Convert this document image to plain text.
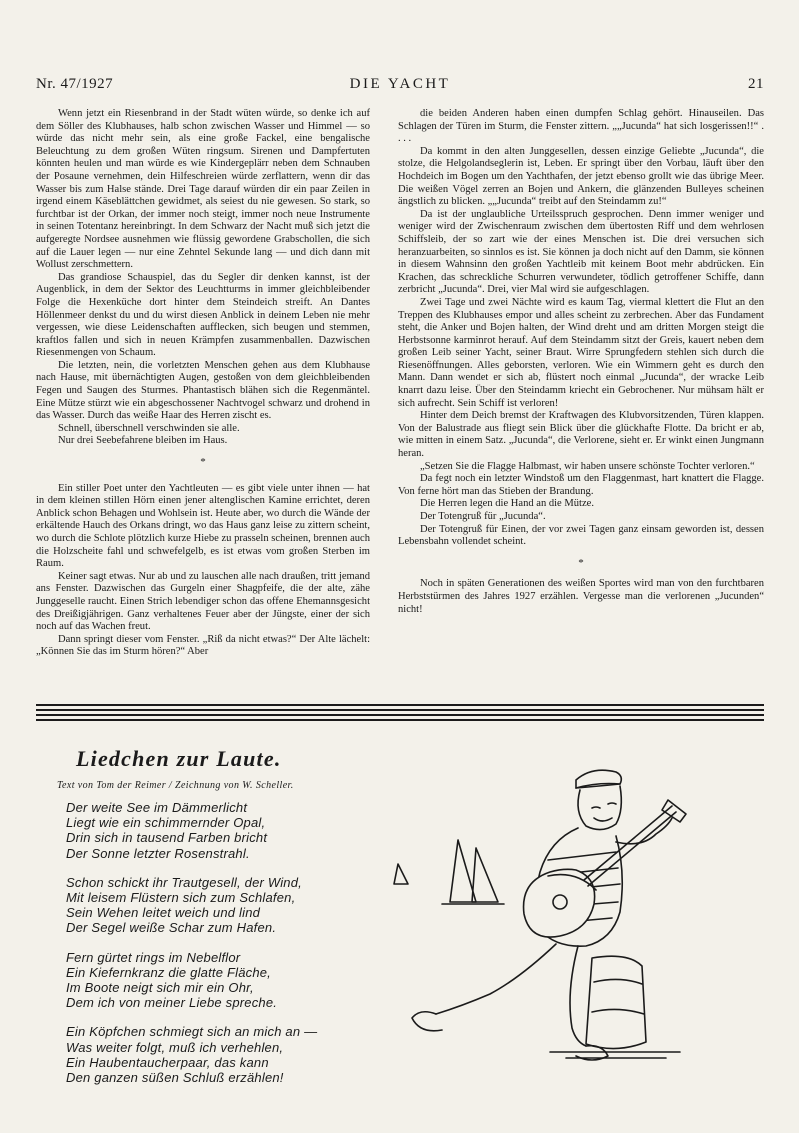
DIE YACHT
Nr. 47/1927	21

Wenn jetzt ein Riesenbrand in der Stadt wüten würde, so denke ich auf dem Söller des Klubhauses, halb schon zwischen Wasser und Himmel — so würde das nicht mehr sein, als eine große Fackel, eine bengalische Beleuchtung zu dem großen Wüten ringsum. Sirenen und Dampfertuten könnten heulen und man würde es wie Kindergeplärr neben dem Schnauben der Posaune vernehmen, dein Hilfeschreien würde zerflattern, wenn dir das Wasser bis zum Halse stände. Drei Tage darauf würden dir ein paar Zeilen in irgend einem Käseblättchen gewidmet, als seiest du nie gewesen. So stark, so furchtbar ist der Orkan, der immer noch steigt, immer noch neue Instrumente in seinen Totentanz hereinbringt. In dem Schwarz der Nacht muß sich jetzt die aufgeregte Nordsee ausnehmen wie flüssig gewordene Grabschollen, die sich auf die Lauer legen — nur eine Zehntel Sekunde lang — und dich dann mit Wollust zerschmettern.

Das grandiose Schauspiel, das du Segler dir denken kannst, ist der Augenblick, in dem der Sektor des Leuchtturms in immer gleichbleibender Folge die Hexenküche dort hinter dem Steindeich streift. An Dantes Höllenmeer denkst du und du wirst diesen Anblick in deinem Leben nie mehr vergessen, wie diese Leidenschaften aufflecken, sich beugen und stemmen, kraftlos fallen und sich in neuen Krämpfen zusammenballen. Dazwischen Riesenmengen von Schaum.

Die letzten, nein, die vorletzten Menschen gehen aus dem Klubhause nach Hause, mit übernächtigten Augen, gestoßen von dem gleichbleibenden Fegen und Saugen des Sturmes. Phantastisch blähen sich die Regenmäntel. Eine Mütze stürzt wie ein abgeschossener Nachtvogel schwarz und drohend in das Wasser. Durch das weiße Haar des Herren zischt es.

Schnell, überschnell verschwinden sie alle.

Nur drei Seebefahrene bleiben im Haus.

*

Ein stiller Poet unter den Yachtleuten — es gibt viele unter ihnen — hat in dem kleinen stillen Hörn einen jener altenglischen Kamine errichtet, deren Anblick schon Behagen und Wohlsein ist. Heute aber, wo durch die Wände der erkältende Hauch des Orkans dringt, wo das Haus ganz leise zu zittern scheint, wo durch die Schlote plötzlich kurze Hiebe zu prasseln scheinen, brennen auch die Holzscheite fahl und schwefelgelb, es ist etwas vom großen Sterben im Raum.

Keiner sagt etwas. Nur ab und zu lauschen alle nach draußen, tritt jemand ans Fenster. Dazwischen das Gurgeln einer Shagpfeife, die der alte, zähe Junggeselle raucht. Einen Strich lebendiger schon das offene Ehemannsgesicht des Dreißigjährigen. Ganz verhaltenes Feuer aber der Jüngste, einer der sich noch auf das Wachen freut.

Dann springt dieser vom Fenster. „Riß da nicht etwas?“ Der Alte lächelt: „Können Sie das im Sturm hören?“ Aber

die beiden Anderen haben einen dumpfen Schlag gehört. Hinauseilen. Das Schlagen der Türen im Sturm, die Fenster zittern. „„Jucunda“ hat sich losgerissen!!“ . . . .

Da kommt in den alten Junggesellen, dessen einzige Geliebte „Jucunda“, die stolze, die Helgolandseglerin ist, Leben. Er springt über den Vorbau, läuft über den Hochdeich im Bogen um den Yachthafen, der jetzt ebenso grollt wie das übrige Meer. Die weißen Vögel zerren an Bojen und Ankern, die glänzenden Bulleyes scheinen ängstlich zu blicken. „„Jucunda“ treibt auf den Steindamm zu!“

Da ist der unglaubliche Urteilsspruch gesprochen. Denn immer weniger und weniger wird der Zwischenraum zwischen dem übertosten Riff und dem wehrlosen Schiffsleib, der so zart wie der eines Menschen ist. Die drei versuchen sich heranzuarbeiten, so sinnlos es ist. Sie können ja doch nicht auf den Damm, sie können in diesem Wahnsinn den großen Yachtleib mit keinem Boot mehr abdrücken. Ein Krachen, das schreckliche Schurren verwundeter, tödlich getroffener Schiffe, dann zerbricht „Jucunda“. Drei, vier Mal wird sie aufgeschlagen.

Zwei Tage und zwei Nächte wird es kaum Tag, viermal klettert die Flut an den Treppen des Klubhauses empor und alles scheint zu zerbrechen. Aber das Fundament steht, die Anker und Bojen halten, der Wind dreht und am dritten Morgen steigt die Herbstsonne karminrot herauf. Auf dem Steindamm sitzt der Greis, kauert neben dem großen Leib seiner Yacht, seiner Braut. Wirre Sprungfedern stehlen sich durch die Riesenöffnungen. Alles geborsten, verloren. Wie ein Wimmern geht es durch den Mann. Dann wendet er sich ab, flüstert noch einmal „Jucunda“, der wrackе Leib knarrt dazu leise. Über den Steindamm kriecht ein Gebrochener. Nur mühsam hält er sich aufrecht. Sein Schiff ist verloren!

Hinter dem Deich bremst der Kraftwagen des Klubvorsitzenden, Türen klappen. Von der Balustrade aus fliegt sein Blick über die glückhafte Flotte. Da bricht er ab, wie mitten in einem Satz. „Jucunda“, die Verlorene, sieht er. Er winkt einen Jungmann heran.

„Setzen Sie die Flagge Halbmast, wir haben unsere schönste Tochter verloren.“

Da fegt noch ein letzter Windstoß um den Flaggenmast, hart knattert die Flagge. Von ferne hört man das Stieben der Brandung.

Die Herren legen die Hand an die Mütze.

Der Totengruß für „Jucunda“.

Der Totengruß für Einen, der vor zwei Tagen ganz einsam geworden ist, dessen Lebensbahn vollendet scheint.

*

Noch in späten Generationen des weißen Sportes wird man von den furchtbaren Herbststürmen des Jahres 1927 erzählen. Vergesse man die verlorenen „Jucunden“ nicht!

Liedchen zur Laute.
Text von Tom der Reimer / Zeichnung von W. Scheller.
Der weite See im Dämmerlicht
Liegt wie ein schimmernder Opal,
Drin sich in tausend Farben bricht
Der Sonne letzter Rosenstrahl.
Schon schickt ihr Trautgesell, der Wind,
Mit leisem Flüstern sich zum Schlafen,
Sein Wehen leitet weich und lind
Der Segel weiße Schar zum Hafen.
Fern gürtet rings im Nebelflor
Ein Kiefernkranz die glatte Fläche,
Im Boote neigt sich mir ein Ohr,
Dem ich von meiner Liebe spreche.
Ein Köpfchen schmiegt sich an mich an —
Was weiter folgt, muß ich verhehlen,
Ein Haubentaucherpaar, das kann
Den ganzen süßen Schluß erzählen!
